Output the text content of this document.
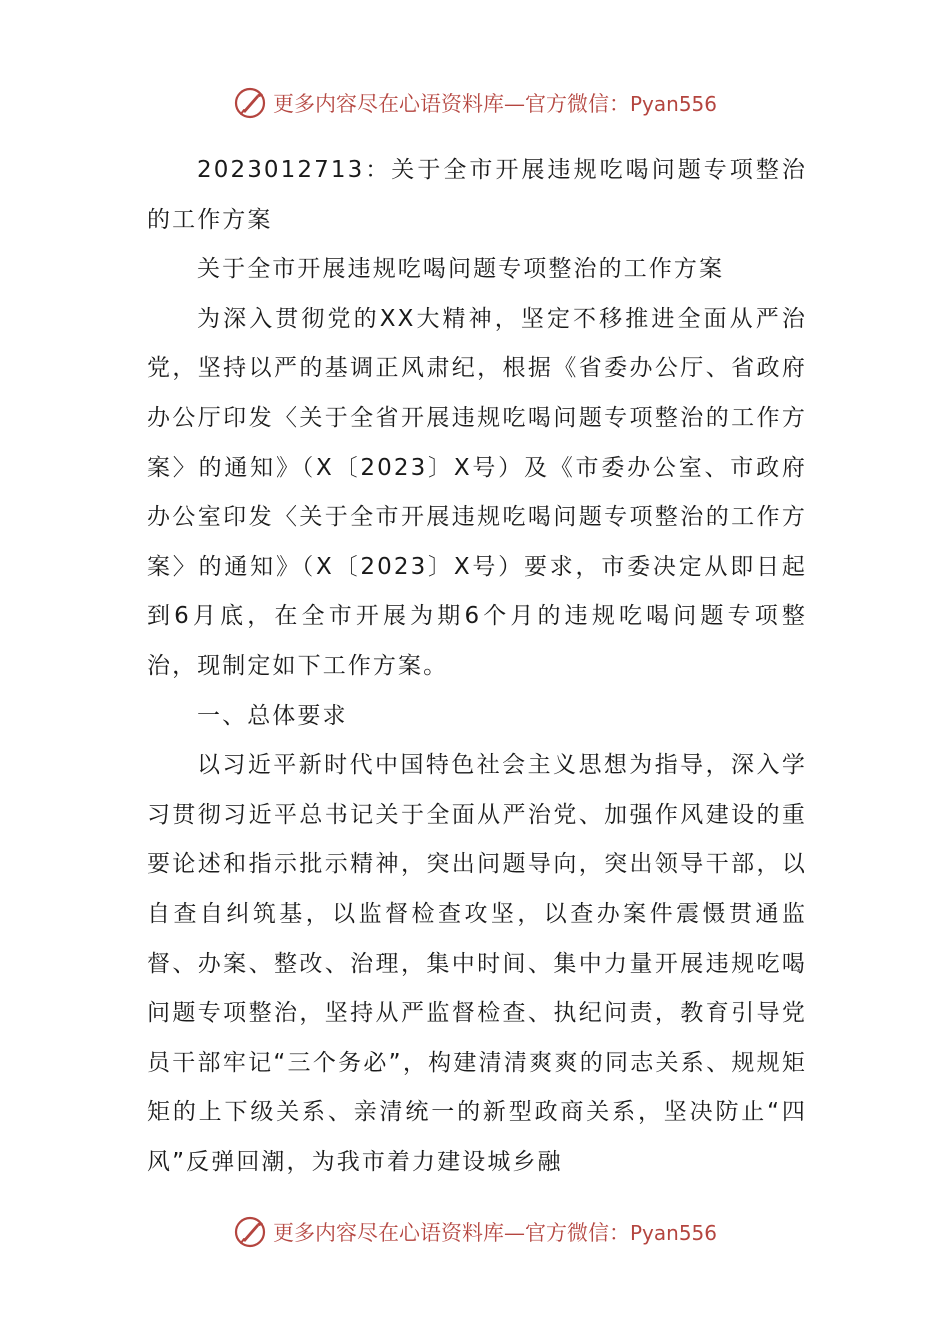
更多内容尽在心语资料库—官方微信：Pyan556

2023012713：关于全市开展违规吃喝问题专项整治的工作方案

关于全市开展违规吃喝问题专项整治的工作方案

为深入贯彻党的XX大精神，坚定不移推进全面从严治党，坚持以严的基调正风肃纪，根据《省委办公厅、省政府办公厅印发〈关于全省开展违规吃喝问题专项整治的工作方案〉的通知》（X〔2023〕X号）及《市委办公室、市政府办公室印发〈关于全市开展违规吃喝问题专项整治的工作方案〉的通知》（X〔2023〕X号）要求，市委决定从即日起到6月底，在全市开展为期6个月的违规吃喝问题专项整治，现制定如下工作方案。

一、总体要求

以习近平新时代中国特色社会主义思想为指导，深入学习贯彻习近平总书记关于全面从严治党、加强作风建设的重要论述和指示批示精神，突出问题导向，突出领导干部，以自查自纠筑基，以监督检查攻坚，以查办案件震慑贯通监督、办案、整改、治理，集中时间、集中力量开展违规吃喝问题专项整治，坚持从严监督检查、执纪问责，教育引导党员干部牢记“三个务必”，构建清清爽爽的同志关系、规规矩矩的上下级关系、亲清统一的新型政商关系，坚决防止“四风”反弹回潮，为我市着力建设城乡融

更多内容尽在心语资料库—官方微信：Pyan556
